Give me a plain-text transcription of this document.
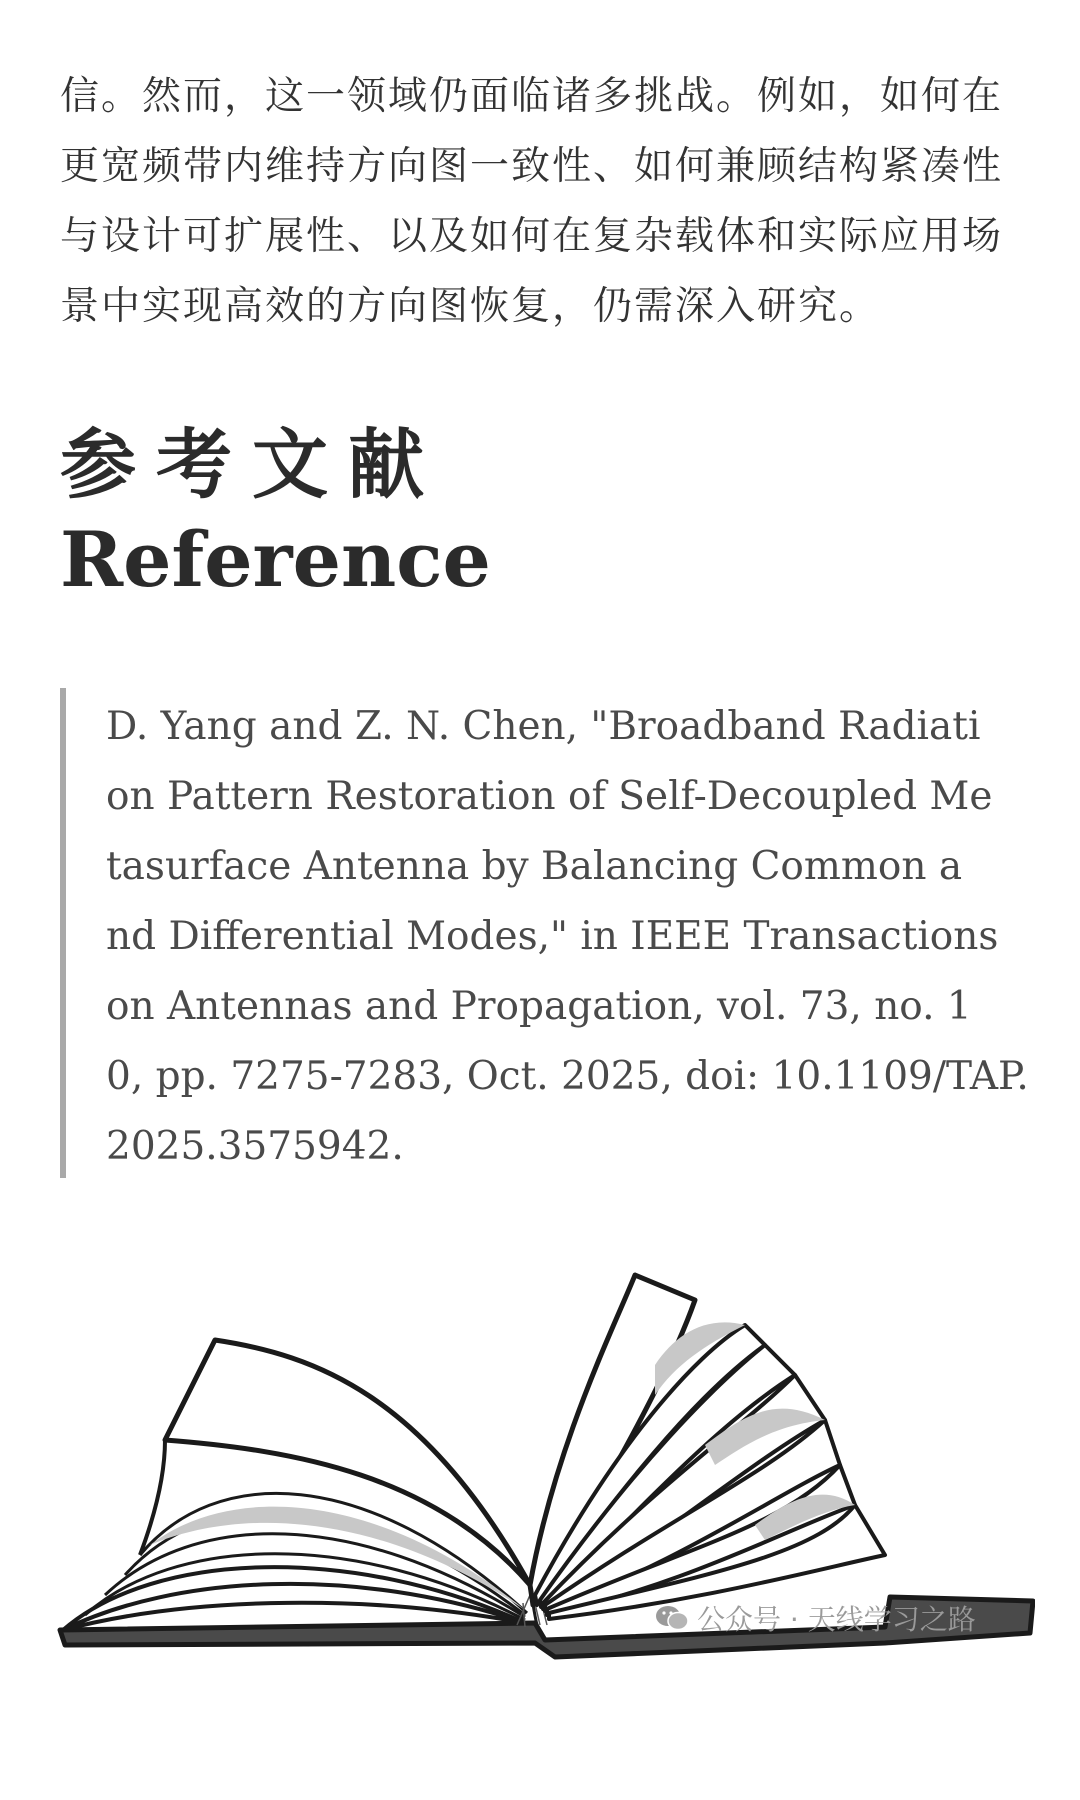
信。然而，这一领域仍面临诸多挑战。例如，如何在
更宽频带内维持方向图一致性、如何兼顾结构紧凑性
与设计可扩展性、以及如何在复杂载体和实际应用场
景中实现高效的方向图恢复，仍需深入研究。
参考文献
Reference

D. Yang and Z. N. Chen, "Broadband Radiati
on Pattern Restoration of Self-Decoupled Me
tasurface Antenna by Balancing Common a
nd Differential Modes," in IEEE Transactions
on Antennas and Propagation, vol. 73, no. 1
0, pp. 7275-7283, Oct. 2025, doi: 10.1109/TAP.
2025.3575942.

公众号 · 天线学习之路
